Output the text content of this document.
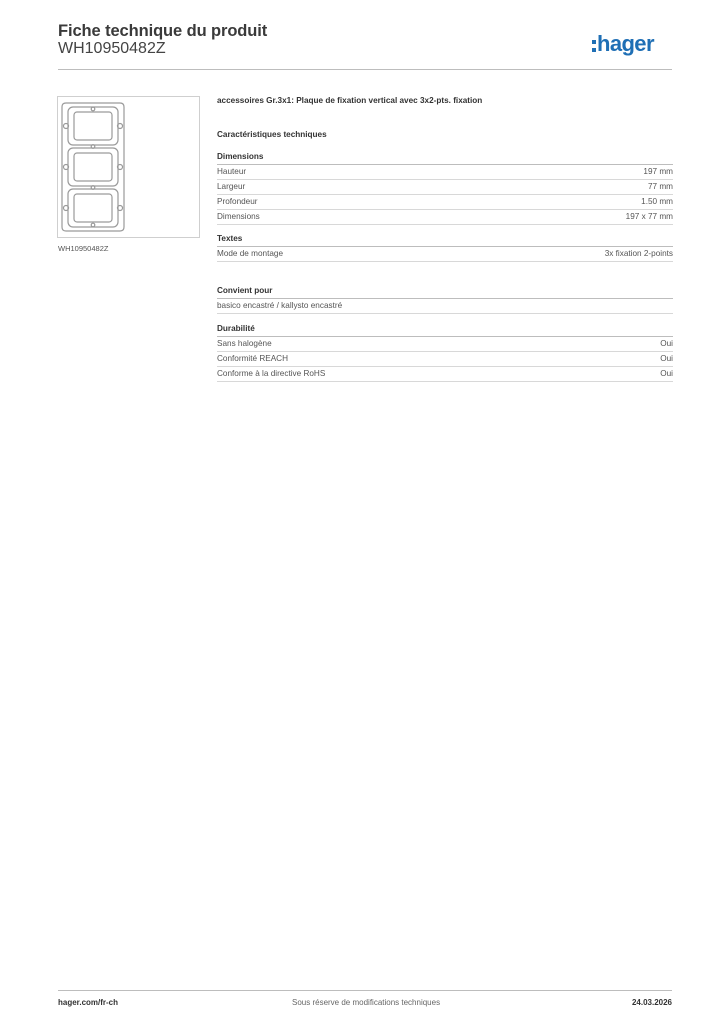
Fiche technique du produit
WH10950482Z	hager
WH10950482Z
accessoires Gr.3x1: Plaque de fixation vertical avec 3x2-pts. fixation
Caractéristiques techniques
Dimensions
Hauteur	197 mm
Largeur	77 mm
Profondeur	1.50 mm
Dimensions	197 x 77 mm
Textes
Mode de montage	3x fixation 2-points
Convient pour
basico encastré / kallysto encastré
Durabilité
Sans halogène	Oui
Conformité REACH	Oui
Conforme à la directive RoHS	Oui
hager.com/fr-ch	Sous réserve de modifications techniques	24.03.2026
